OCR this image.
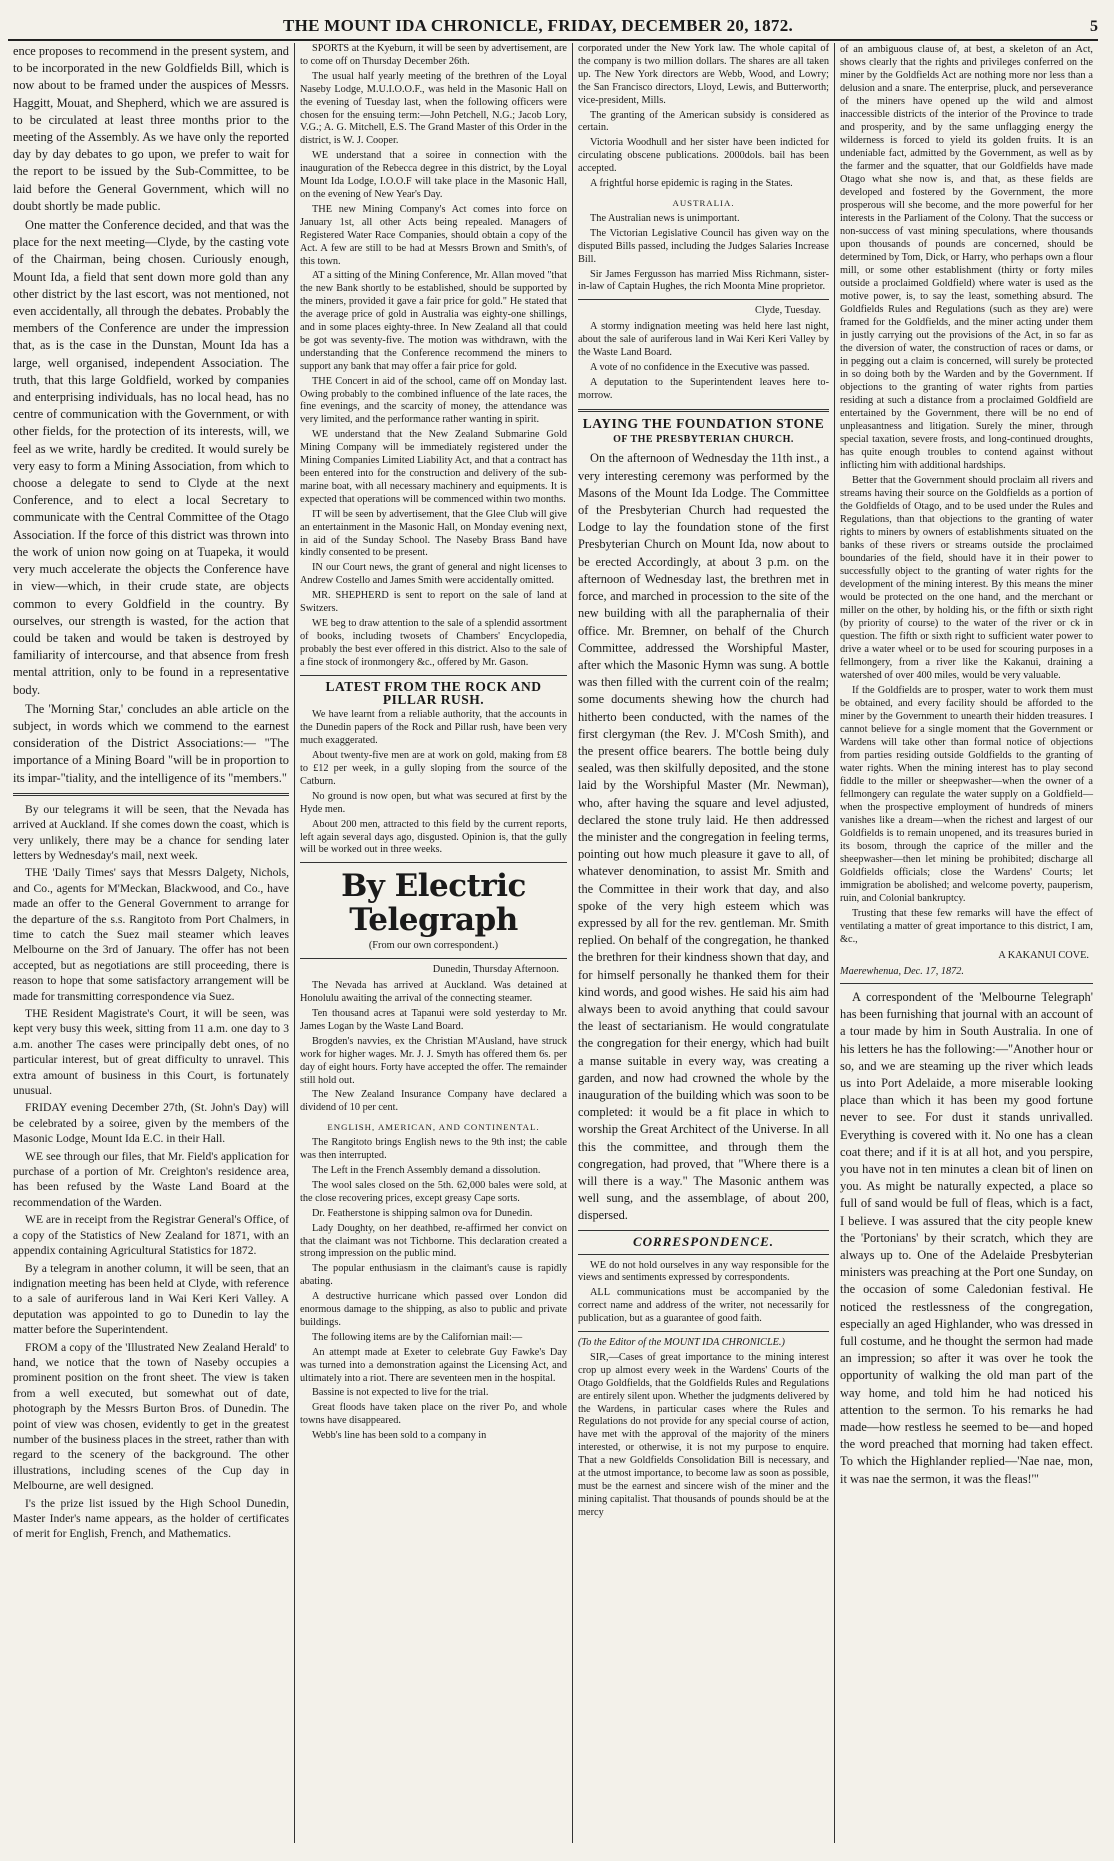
THE MOUNT IDA CHRONICLE, FRIDAY, DECEMBER 20, 1872.	5

ence proposes to recommend in the present system, and to be incorporated in the new Goldfields Bill, which is now about to be framed under the auspices of Messrs. Haggitt, Mouat, and Shepherd, which we are assured is to be circulated at least three months prior to the meeting of the Assembly. As we have only the reported day by day debates to go upon, we prefer to wait for the report to be issued by the Sub-Committee, to be laid before the General Government, which will no doubt shortly be made public.

One matter the Conference decided, and that was the place for the next meeting—Clyde, by the casting vote of the Chairman, being chosen. Curiously enough, Mount Ida, a field that sent down more gold than any other district by the last escort, was not mentioned, not even accidentally, all through the debates. Probably the members of the Conference are under the impression that, as is the case in the Dunstan, Mount Ida has a large, well organised, independent Association. The truth, that this large Goldfield, worked by companies and enterprising individuals, has no local head, has no centre of communication with the Government, or with other fields, for the protection of its interests, will, we feel as we write, hardly be credited. It would surely be very easy to form a Mining Association, from which to choose a delegate to send to Clyde at the next Conference, and to elect a local Secretary to communicate with the Central Committee of the Otago Association. If the force of this district was thrown into the work of union now going on at Tuapeka, it would very much accelerate the objects the Conference have in view—which, in their crude state, are objects common to every Goldfield in the country. By ourselves, our strength is wasted, for the action that could be taken and would be taken is destroyed by familiarity of intercourse, and that absence from fresh mental attrition, only to be found in a representative body.

The 'Morning Star,' concludes an able article on the subject, in words which we commend to the earnest consideration of the District Associations:— "The importance of a Mining Board "will be in proportion to its impar-"tiality, and the intelligence of its "members."

By our telegrams it will be seen, that the Nevada has arrived at Auckland. If she comes down the coast, which is very unlikely, there may be a chance for sending later letters by Wednesday's mail, next week.

THE 'Daily Times' says that Messrs Dalgety, Nichols, and Co., agents for M'Meckan, Blackwood, and Co., have made an offer to the General Government to arrange for the departure of the s.s. Rangitoto from Port Chalmers, in time to catch the Suez mail steamer which leaves Melbourne on the 3rd of January. The offer has not been accepted, but as negotiations are still proceeding, there is reason to hope that some satisfactory arrangement will be made for transmitting correspondence via Suez.

THE Resident Magistrate's Court, it will be seen, was kept very busy this week, sitting from 11 a.m. one day to 3 a.m. another The cases were principally debt ones, of no particular interest, but of great difficulty to unravel. This extra amount of business in this Court, is fortunately unusual.

FRIDAY evening December 27th, (St. John's Day) will be celebrated by a soiree, given by the members of the Masonic Lodge, Mount Ida E.C. in their Hall.

WE see through our files, that Mr. Field's application for purchase of a portion of Mr. Creighton's residence area, has been refused by the Waste Land Board at the recommendation of the Warden.

WE are in receipt from the Registrar General's Office, of a copy of the Statistics of New Zealand for 1871, with an appendix containing Agricultural Statistics for 1872.

By a telegram in another column, it will be seen, that an indignation meeting has been held at Clyde, with reference to a sale of auriferous land in Wai Keri Keri Valley. A deputation was appointed to go to Dunedin to lay the matter before the Superintendent.

FROM a copy of the 'Illustrated New Zealand Herald' to hand, we notice that the town of Naseby occupies a prominent position on the front sheet. The view is taken from a well executed, but somewhat out of date, photograph by the Messrs Burton Bros. of Dunedin. The point of view was chosen, evidently to get in the greatest number of the business places in the street, rather than with regard to the scenery of the background. The other illustrations, including scenes of the Cup day in Melbourne, are well designed.

I's the prize list issued by the High School Dunedin, Master Inder's name appears, as the holder of certificates of merit for English, French, and Mathematics.

SPORTS at the Kyeburn, it will be seen by advertisement, are to come off on Thursday December 26th.

The usual half yearly meeting of the brethren of the Loyal Naseby Lodge, M.U.I.O.O.F., was held in the Masonic Hall on the evening of Tuesday last, when the following officers were chosen for the ensuing term:—John Petchell, N.G.; Jacob Lory, V.G.; A. G. Mitchell, E.S. The Grand Master of this Order in the district, is W. J. Cooper.

WE understand that a soiree in connection with the inauguration of the Rebecca degree in this district, by the Loyal Mount Ida Lodge, I.O.O.F will take place in the Masonic Hall, on the evening of New Year's Day.

THE new Mining Company's Act comes into force on January 1st, all other Acts being repealed. Managers of Registered Water Race Companies, should obtain a copy of the Act. A few are still to be had at Messrs Brown and Smith's, of this town.

AT a sitting of the Mining Conference, Mr. Allan moved "that the new Bank shortly to be established, should be supported by the miners, provided it gave a fair price for gold." He stated that the average price of gold in Australia was eighty-one shillings, and in some places eighty-three. In New Zealand all that could be got was seventy-five. The motion was withdrawn, with the understanding that the Conference recommend the miners to support any bank that may offer a fair price for gold.

THE Concert in aid of the school, came off on Monday last. Owing probably to the combined influence of the late races, the fine evenings, and the scarcity of money, the attendance was very limited, and the performance rather wanting in spirit.

WE understand that the New Zealand Submarine Gold Mining Company will be immediately registered under the Mining Companies Limited Liability Act, and that a contract has been entered into for the construction and delivery of the sub-marine boat, with all necessary machinery and equipments. It is expected that operations will be commenced within two months.

IT will be seen by advertisement, that the Glee Club will give an entertainment in the Masonic Hall, on Monday evening next, in aid of the Sunday School. The Naseby Brass Band have kindly consented to be present.

IN our Court news, the grant of general and night licenses to Andrew Costello and James Smith were accidentally omitted.

MR. SHEPHERD is sent to report on the sale of land at Switzers.

WE beg to draw attention to the sale of a splendid assortment of books, including twosets of Chambers' Encyclopedia, probably the best ever offered in this district. Also to the sale of a fine stock of ironmongery &c., offered by Mr. Gason.

LATEST FROM THE ROCK AND PILLAR RUSH.

We have learnt from a reliable authority, that the accounts in the Dunedin papers of the Rock and Pillar rush, have been very much exaggerated.

About twenty-five men are at work on gold, making from £8 to £12 per week, in a gully sloping from the source of the Catburn.

No ground is now open, but what was secured at first by the Hyde men.

About 200 men, attracted to this field by the current reports, left again several days ago, disgusted. Opinion is, that the gully will be worked out in three weeks.

By Electric Telegraph
(From our own correspondent.)
Dunedin, Thursday Afternoon.

The Nevada has arrived at Auckland. Was detained at Honolulu awaiting the arrival of the connecting steamer.

Ten thousand acres at Tapanui were sold yesterday to Mr. James Logan by the Waste Land Board.

Brogden's navvies, ex the Christian M'Ausland, have struck work for higher wages. Mr. J. J. Smyth has offered them 6s. per day of eight hours. Forty have accepted the offer. The remainder still hold out.

The New Zealand Insurance Company have declared a dividend of 10 per cent.

ENGLISH, AMERICAN, AND CONTINENTAL.

The Rangitoto brings English news to the 9th inst; the cable was then interrupted.

The Left in the French Assembly demand a dissolution.

The wool sales closed on the 5th. 62,000 bales were sold, at the close recovering prices, except greasy Cape sorts.

Dr. Featherstone is shipping salmon ova for Dunedin.

Lady Doughty, on her deathbed, re-affirmed her convict on that the claimant was not Tichborne. This declaration created a strong impression on the public mind.

The popular enthusiasm in the claimant's cause is rapidly abating.

A destructive hurricane which passed over London did enormous damage to the shipping, as also to public and private buildings.

The following items are by the Californian mail:—

An attempt made at Exeter to celebrate Guy Fawke's Day was turned into a demonstration against the Licensing Act, and ultimately into a riot. There are seventeen men in the hospital.

Bassine is not expected to live for the trial.

Great floods have taken place on the river Po, and whole towns have disappeared.

Webb's line has been sold to a company in

corporated under the New York law. The whole capital of the company is two million dollars. The shares are all taken up. The New York directors are Webb, Wood, and Lowry; the San Francisco directors, Lloyd, Lewis, and Butterworth; vice-president, Mills.

The granting of the American subsidy is considered as certain.

Victoria Woodhull and her sister have been indicted for circulating obscene publications. 2000dols. bail has been accepted.

A frightful horse epidemic is raging in the States.

AUSTRALIA.

The Australian news is unimportant.

The Victorian Legislative Council has given way on the disputed Bills passed, including the Judges Salaries Increase Bill.

Sir James Fergusson has married Miss Richmann, sister-in-law of Captain Hughes, the rich Moonta Mine proprietor.

Clyde, Tuesday.

A stormy indignation meeting was held here last night, about the sale of auriferous land in Wai Keri Keri Valley by the Waste Land Board.

A vote of no confidence in the Executive was passed.

A deputation to the Superintendent leaves here to-morrow.

LAYING THE FOUNDATION STONE
OF THE PRESBYTERIAN CHURCH.

On the afternoon of Wednesday the 11th inst., a very interesting ceremony was performed by the Masons of the Mount Ida Lodge. The Committee of the Presbyterian Church had requested the Lodge to lay the foundation stone of the first Presbyterian Church on Mount Ida, now about to be erected Accordingly, at about 3 p.m. on the afternoon of Wednesday last, the brethren met in force, and marched in procession to the site of the new building with all the paraphernalia of their office. Mr. Bremner, on behalf of the Church Committee, addressed the Worshipful Master, after which the Masonic Hymn was sung. A bottle was then filled with the current coin of the realm; some documents shewing how the church had hitherto been conducted, with the names of the first clergyman (the Rev. J. M'Cosh Smith), and the present office bearers. The bottle being duly sealed, was then skilfully deposited, and the stone laid by the Worshipful Master (Mr. Newman), who, after having the square and level adjusted, declared the stone truly laid. He then addressed the minister and the congregation in feeling terms, pointing out how much pleasure it gave to all, of whatever denomination, to assist Mr. Smith and the Committee in their work that day, and also spoke of the very high esteem which was expressed by all for the rev. gentleman. Mr. Smith replied. On behalf of the congregation, he thanked the brethren for their kindness shown that day, and for himself personally he thanked them for their kind words, and good wishes. He said his aim had always been to avoid anything that could savour the least of sectarianism. He would congratulate the congregation for their energy, which had built a manse suitable in every way, was creating a garden, and now had crowned the whole by the inauguration of the building which was soon to be completed: it would be a fit place in which to worship the Great Architect of the Universe. In all this the committee, and through them the congregation, had proved, that "Where there is a will there is a way." The Masonic anthem was well sung, and the assemblage, of about 200, dispersed.

CORRESPONDENCE.

WE do not hold ourselves in any way responsible for the views and sentiments expressed by correspondents.

ALL communications must be accompanied by the correct name and address of the writer, not necessarily for publication, but as a guarantee of good faith.

(To the Editor of the MOUNT IDA CHRONICLE.)

SIR,—Cases of great importance to the mining interest crop up almost every week in the Wardens' Courts of the Otago Goldfields, that the Goldfields Rules and Regulations are entirely silent upon. Whether the judgments delivered by the Wardens, in particular cases where the Rules and Regulations do not provide for any special course of action, have met with the approval of the majority of the miners interested, or otherwise, it is not my purpose to enquire. That a new Goldfields Consolidation Bill is necessary, and at the utmost importance, to become law as soon as possible, must be the earnest and sincere wish of the miner and the mining capitalist. That thousands of pounds should be at the mercy

of an ambiguous clause of, at best, a skeleton of an Act, shows clearly that the rights and privileges conferred on the miner by the Goldfields Act are nothing more nor less than a delusion and a snare. The enterprise, pluck, and perseverance of the miners have opened up the wild and almost inaccessible districts of the interior of the Province to trade and prosperity, and by the same unflagging energy the wilderness is forced to yield its golden fruits. It is an undeniable fact, admitted by the Government, as well as by the farmer and the squatter, that our Goldfields have made Otago what she now is, and that, as these fields are developed and fostered by the Government, the more prosperous will she become, and the more powerful for her interests in the Parliament of the Colony. That the success or non-success of vast mining speculations, where thousands upon thousands of pounds are concerned, should be determined by Tom, Dick, or Harry, who perhaps own a flour mill, or some other establishment (thirty or forty miles outside a proclaimed Goldfield) where water is used as the motive power, is, to say the least, something absurd. The Goldfields Rules and Regulations (such as they are) were framed for the Goldfields, and the miner acting under them in justly carrying out the provisions of the Act, in so far as the diversion of water, the construction of races or dams, or in pegging out a claim is concerned, will surely be protected in so doing both by the Warden and by the Government. If objections to the granting of water rights from parties residing at such a distance from a proclaimed Goldfield are entertained by the Government, there will be no end of unpleasantness and litigation. Surely the miner, through special taxation, severe frosts, and long-continued droughts, has quite enough troubles to contend against without inflicting him with additional hardships.

Better that the Government should proclaim all rivers and streams having their source on the Goldfields as a portion of the Goldfields of Otago, and to be used under the Rules and Regulations, than that objections to the granting of water rights to miners by owners of establishments situated on the banks of these rivers or streams outside the proclaimed boundaries of the field, should have it in their power to successfully object to the granting of water rights for the development of the mining interest. By this means the miner would be protected on the one hand, and the merchant or miller on the other, by holding his, or the fifth or sixth right (by priority of course) to the water of the river or ck in question. The fifth or sixth right to sufficient water power to drive a water wheel or to be used for scouring purposes in a fellmongery, from a river like the Kakanui, draining a watershed of over 400 miles, would be very valuable.

If the Goldfields are to prosper, water to work them must be obtained, and every facility should be afforded to the miner by the Government to unearth their hidden treasures. I cannot believe for a single moment that the Government or Wardens will take other than formal notice of objections from parties residing outside Goldfields to the granting of water rights. When the mining interest has to play second fiddle to the miller or sheepwasher—when the owner of a fellmongery can regulate the water supply on a Goldfield—when the prospective employment of hundreds of miners vanishes like a dream—when the richest and largest of our Goldfields is to remain unopened, and its treasures buried in its bosom, through the caprice of the miller and the sheepwasher—then let mining be prohibited; discharge all Goldfields officials; close the Wardens' Courts; let immigration be abolished; and welcome poverty, pauperism, ruin, and Colonial bankruptcy.

Trusting that these few remarks will have the effect of ventilating a matter of great importance to this district, I am, &c.,

A KAKANUI COVE.

Maerewhenua, Dec. 17, 1872.

A correspondent of the 'Melbourne Telegraph' has been furnishing that journal with an account of a tour made by him in South Australia. In one of his letters he has the following:—"Another hour or so, and we are steaming up the river which leads us into Port Adelaide, a more miserable looking place than which it has been my good fortune never to see. For dust it stands unrivalled. Everything is covered with it. No one has a clean coat there; and if it is at all hot, and you perspire, you have not in ten minutes a clean bit of linen on you. As might be naturally expected, a place so full of sand would be full of fleas, which is a fact, I believe. I was assured that the city people knew the 'Portonians' by their scratch, which they are always up to. One of the Adelaide Presbyterian ministers was preaching at the Port one Sunday, on the occasion of some Caledonian festival. He noticed the restlessness of the congregation, especially an aged Highlander, who was dressed in full costume, and he thought the sermon had made an impression; so after it was over he took the opportunity of walking the old man part of the way home, and told him he had noticed his attention to the sermon. To his remarks he had made—how restless he seemed to be—and hoped the word preached that morning had taken effect. To which the Highlander replied—'Nae nae, mon, it was nae the sermon, it was the fleas!'"
